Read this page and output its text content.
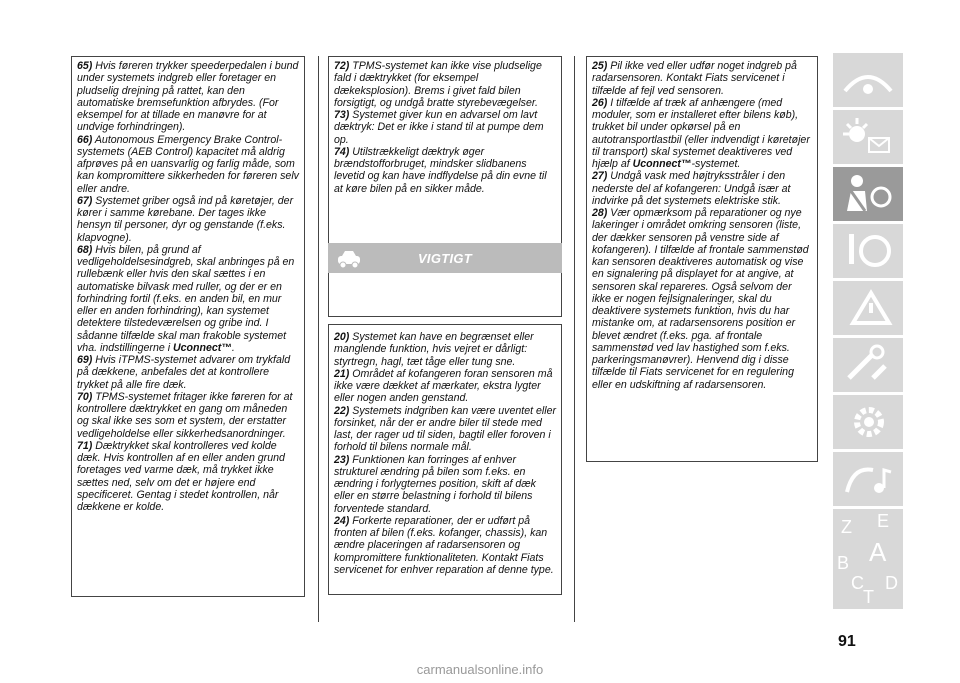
65) Hvis føreren trykker speederpedalen i bund under systemets indgreb eller foretager en pludselig drejning på rattet, kan den automatiske bremsefunktion afbrydes. (For eksempel for at tillade en manøvre for at undvige forhindringen).

66) Autonomous Emergency Brake Control-systemets (AEB Control) kapacitet må aldrig afprøves på en uansvarlig og farlig måde, som kan kompromittere sikkerheden for føreren selv eller andre.

67) Systemet griber også ind på køretøjer, der kører i samme kørebane. Der tages ikke hensyn til personer, dyr og genstande (f.eks. klapvogne).

68) Hvis bilen, på grund af vedligeholdelsesindgreb, skal anbringes på en rullebænk eller hvis den skal sættes i en automatiske bilvask med ruller, og der er en forhindring fortil (f.eks. en anden bil, en mur eller en anden forhindring), kan systemet detektere tilstedeværelsen og gribe ind. I sådanne tilfælde skal man frakoble systemet vha. indstillingerne i Uconnect™.

69) Hvis iTPMS-systemet advarer om trykfald på dækkene, anbefales det at kontrollere trykket på alle fire dæk.

70) TPMS-systemet fritager ikke føreren for at kontrollere dæktrykket en gang om måneden og skal ikke ses som et system, der erstatter vedligeholdelse eller sikkerhedsanordninger.

71) Dæktrykket skal kontrolleres ved kolde dæk. Hvis kontrollen af en eller anden grund foretages ved varme dæk, må trykket ikke sættes ned, selv om det er højere end specificeret. Gentag i stedet kontrollen, når dækkene er kolde.

72) TPMS-systemet kan ikke vise pludselige fald i dæktrykket (for eksempel dækeksplosion). Brems i givet fald bilen forsigtigt, og undgå bratte styrebevægelser.

73) Systemet giver kun en advarsel om lavt dæktryk: Det er ikke i stand til at pumpe dem op.

74) Utilstrækkeligt dæktryk øger brændstofforbruget, mindsker slidbanens levetid og kan have indflydelse på din evne til at køre bilen på en sikker måde.

VIGTIGT

20) Systemet kan have en begrænset eller manglende funktion, hvis vejret er dårligt: styrtregn, hagl, tæt tåge eller tung sne.

21) Området af kofangeren foran sensoren må ikke være dækket af mærkater, ekstra lygter eller nogen anden genstand.

22) Systemets indgriben kan være uventet eller forsinket, når der er andre biler til stede med last, der rager ud til siden, bagtil eller foroven i forhold til bilens normale mål.

23) Funktionen kan forringes af enhver strukturel ændring på bilen som f.eks. en ændring i forlygternes position, skift af dæk eller en større belastning i forhold til bilens forventede standard.

24) Forkerte reparationer, der er udført på fronten af bilen (f.eks. kofanger, chassis), kan ændre placeringen af radarsensoren og kompromittere funktionaliteten. Kontakt Fiats servicenet for enhver reparation af denne type.

25) Pil ikke ved eller udfør noget indgreb på radarsensoren. Kontakt Fiats servicenet i tilfælde af fejl ved sensoren.

26) I tilfælde af træk af anhængere (med moduler, som er installeret efter bilens køb), trukket bil under opkørsel på en autotransportlastbil (eller indvendigt i køretøjer til transport) skal systemet deaktiveres ved hjælp af Uconnect™-systemet.

27) Undgå vask med højtryksstråler i den nederste del af kofangeren: Undgå især at indvirke på det systemets elektriske stik.

28) Vær opmærksom på reparationer og nye lakeringer i området omkring sensoren (liste, der dækker sensoren på venstre side af kofangeren). I tilfælde af frontale sammenstød kan sensoren deaktiveres automatisk og vise en signalering på displayet for at angive, at sensoren skal repareres. Også selvom der ikke er nogen fejlsignaleringer, skal du deaktivere systemets funktion, hvis du har mistanke om, at radarsensorens position er blevet ændret (f.eks. pga. af frontale sammenstød ved lav hastighed som f.eks. parkeringsmanøvrer). Henvend dig i disse tilfælde til Fiats servicenet for en regulering eller en udskiftning af radarsensoren.

Z E
B A
C D
T
91
carmanualsonline.info
